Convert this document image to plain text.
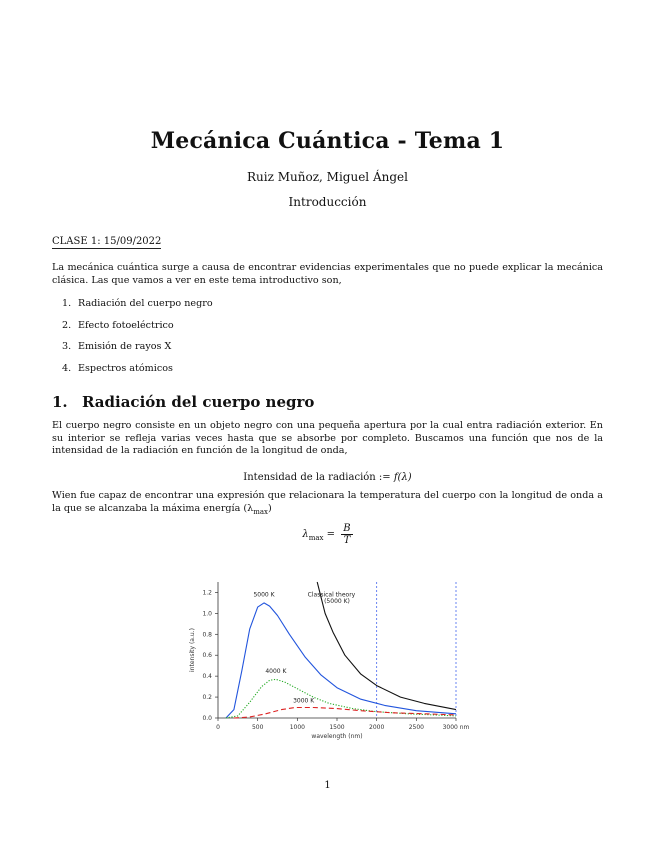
Mecánica Cuántica - Tema 1
Ruiz Muñoz, Miguel Ángel
Introducción
CLASE 1: 15/09/2022
La mecánica cuántica surge a causa de encontrar evidencias experimentales que no puede explicar la mecánica clásica. Las que vamos a ver en este tema introductivo son,
1. Radiación del cuerpo negro
2. Efecto fotoeléctrico
3. Emisión de rayos X
4. Espectros atómicos
1. Radiación del cuerpo negro
El cuerpo negro consiste en un objeto negro con una pequeña apertura por la cual entra radiación exterior. En su interior se refleja varias veces hasta que se absorbe por completo. Buscamos una función que nos de la intensidad de la radiación en función de la longitud de onda,
Intensidad de la radiación := f(λ)
Wien fue capaz de encontrar una expresión que relacionara la temperatura del cuerpo con la longitud de onda a la que se alcanzaba la máxima energía $(\lambda_{max})$
$\lambda_{max} = \frac{B}{T}$
0	500	1000	1500	2000	2500	3000 nm
0.0
0.2
0.4
0.6
0.8
1.0
1.2
wavelength (nm)
intensity (a.u.)
5000 K
4000 K
3000 K
Classical theory
(5000 K)
1
